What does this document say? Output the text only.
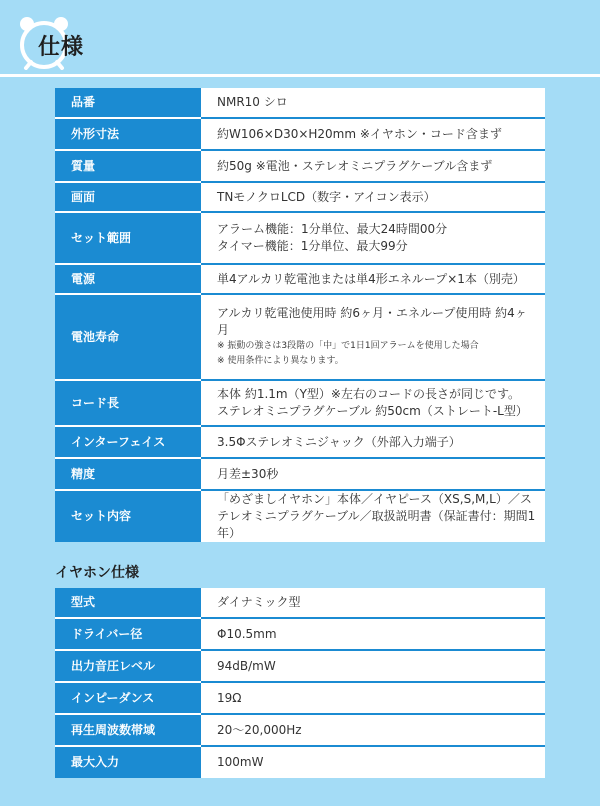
仕様
品番	NMR10 シロ

外形寸法	約W106×D30×H20mm ※イヤホン・コード含まず

質量	約50g ※電池・ステレオミニプラグケーブル含まず

画面	TNモノクロLCD（数字・アイコン表示）

セット範囲	アラーム機能：1分単位、最大24時間00分
タイマー機能：1分単位、最大99分

電源	単4アルカリ乾電池または単4形エネループ×1本（別売）

電池寿命	アルカリ乾電池使用時 約6ヶ月・エネループ使用時 約4ヶ
月
※ 振動の強さは3段階の「中」で1日1回アラームを使用した場合
※ 使用条件により異なります。

コード長	本体 約1.1m（Y型）※左右のコードの長さが同じです。
ステレオミニプラグケーブル 約50cm（ストレート-L型）

インターフェイス	3.5Φステレオミニジャック（外部入力端子）

精度	月差±30秒

セット内容	「めざましイヤホン」本体／イヤピース（XS,S,M,L）／ス
テレオミニプラグケーブル／取扱説明書（保証書付：期間1年）
イヤホン仕様
型式	ダイナミック型

ドライバー径	Φ10.5mm

出力音圧レベル	94dB/mW

インピーダンス	19Ω

再生周波数帯域	20～20,000Hz

最大入力	100mW
